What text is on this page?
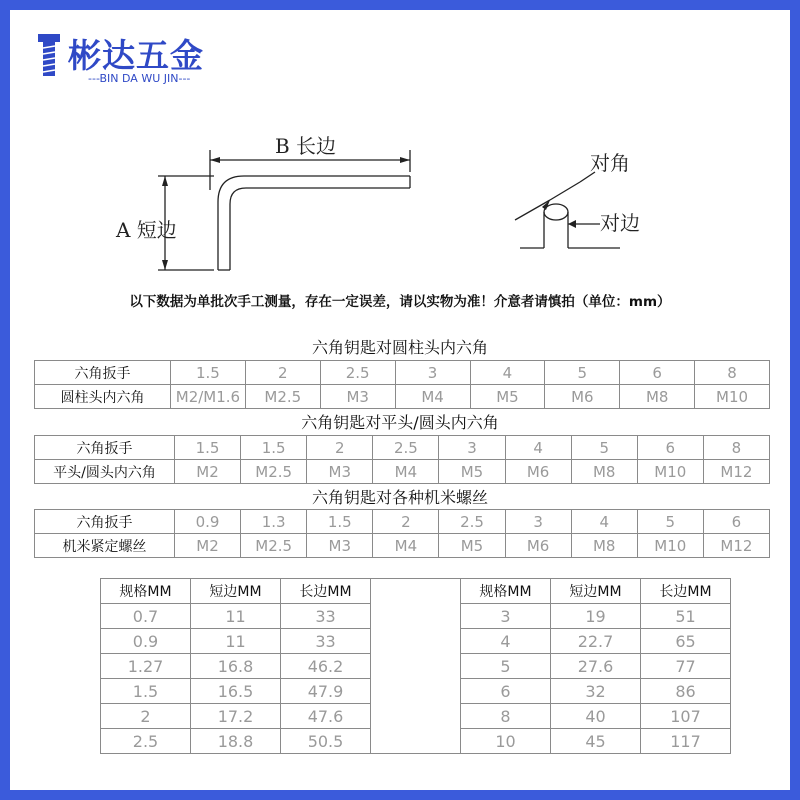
彬达五金
---BIN DA WU JIN---
B 长边
A 短边
对角
对边
以下数据为单批次手工测量，存在一定误差，请以实物为准！介意者请慎拍（单位：mm）
六角钥匙对圆柱头内六角
六角扳手	1.5	2	2.5	3	4	5	6	8
圆柱头内六角	M2/M1.6	M2.5	M3	M4	M5	M6	M8	M10
六角钥匙对平头/圆头内六角
六角扳手	1.5	1.5	2	2.5	3	4	5	6	8
平头/圆头内六角	M2	M2.5	M3	M4	M5	M6	M8	M10	M12
六角钥匙对各种机米螺丝
六角扳手	0.9	1.3	1.5	2	2.5	3	4	5	6
机米紧定螺丝	M2	M2.5	M3	M4	M5	M6	M8	M10	M12
规格MM	短边MM	长边MM		规格MM	短边MM	长边MM
0.7	11	33		3	19	51
0.9	11	33		4	22.7	65
1.27	16.8	46.2		5	27.6	77
1.5	16.5	47.9		6	32	86
2	17.2	47.6		8	40	107
2.5	18.8	50.5		10	45	117
